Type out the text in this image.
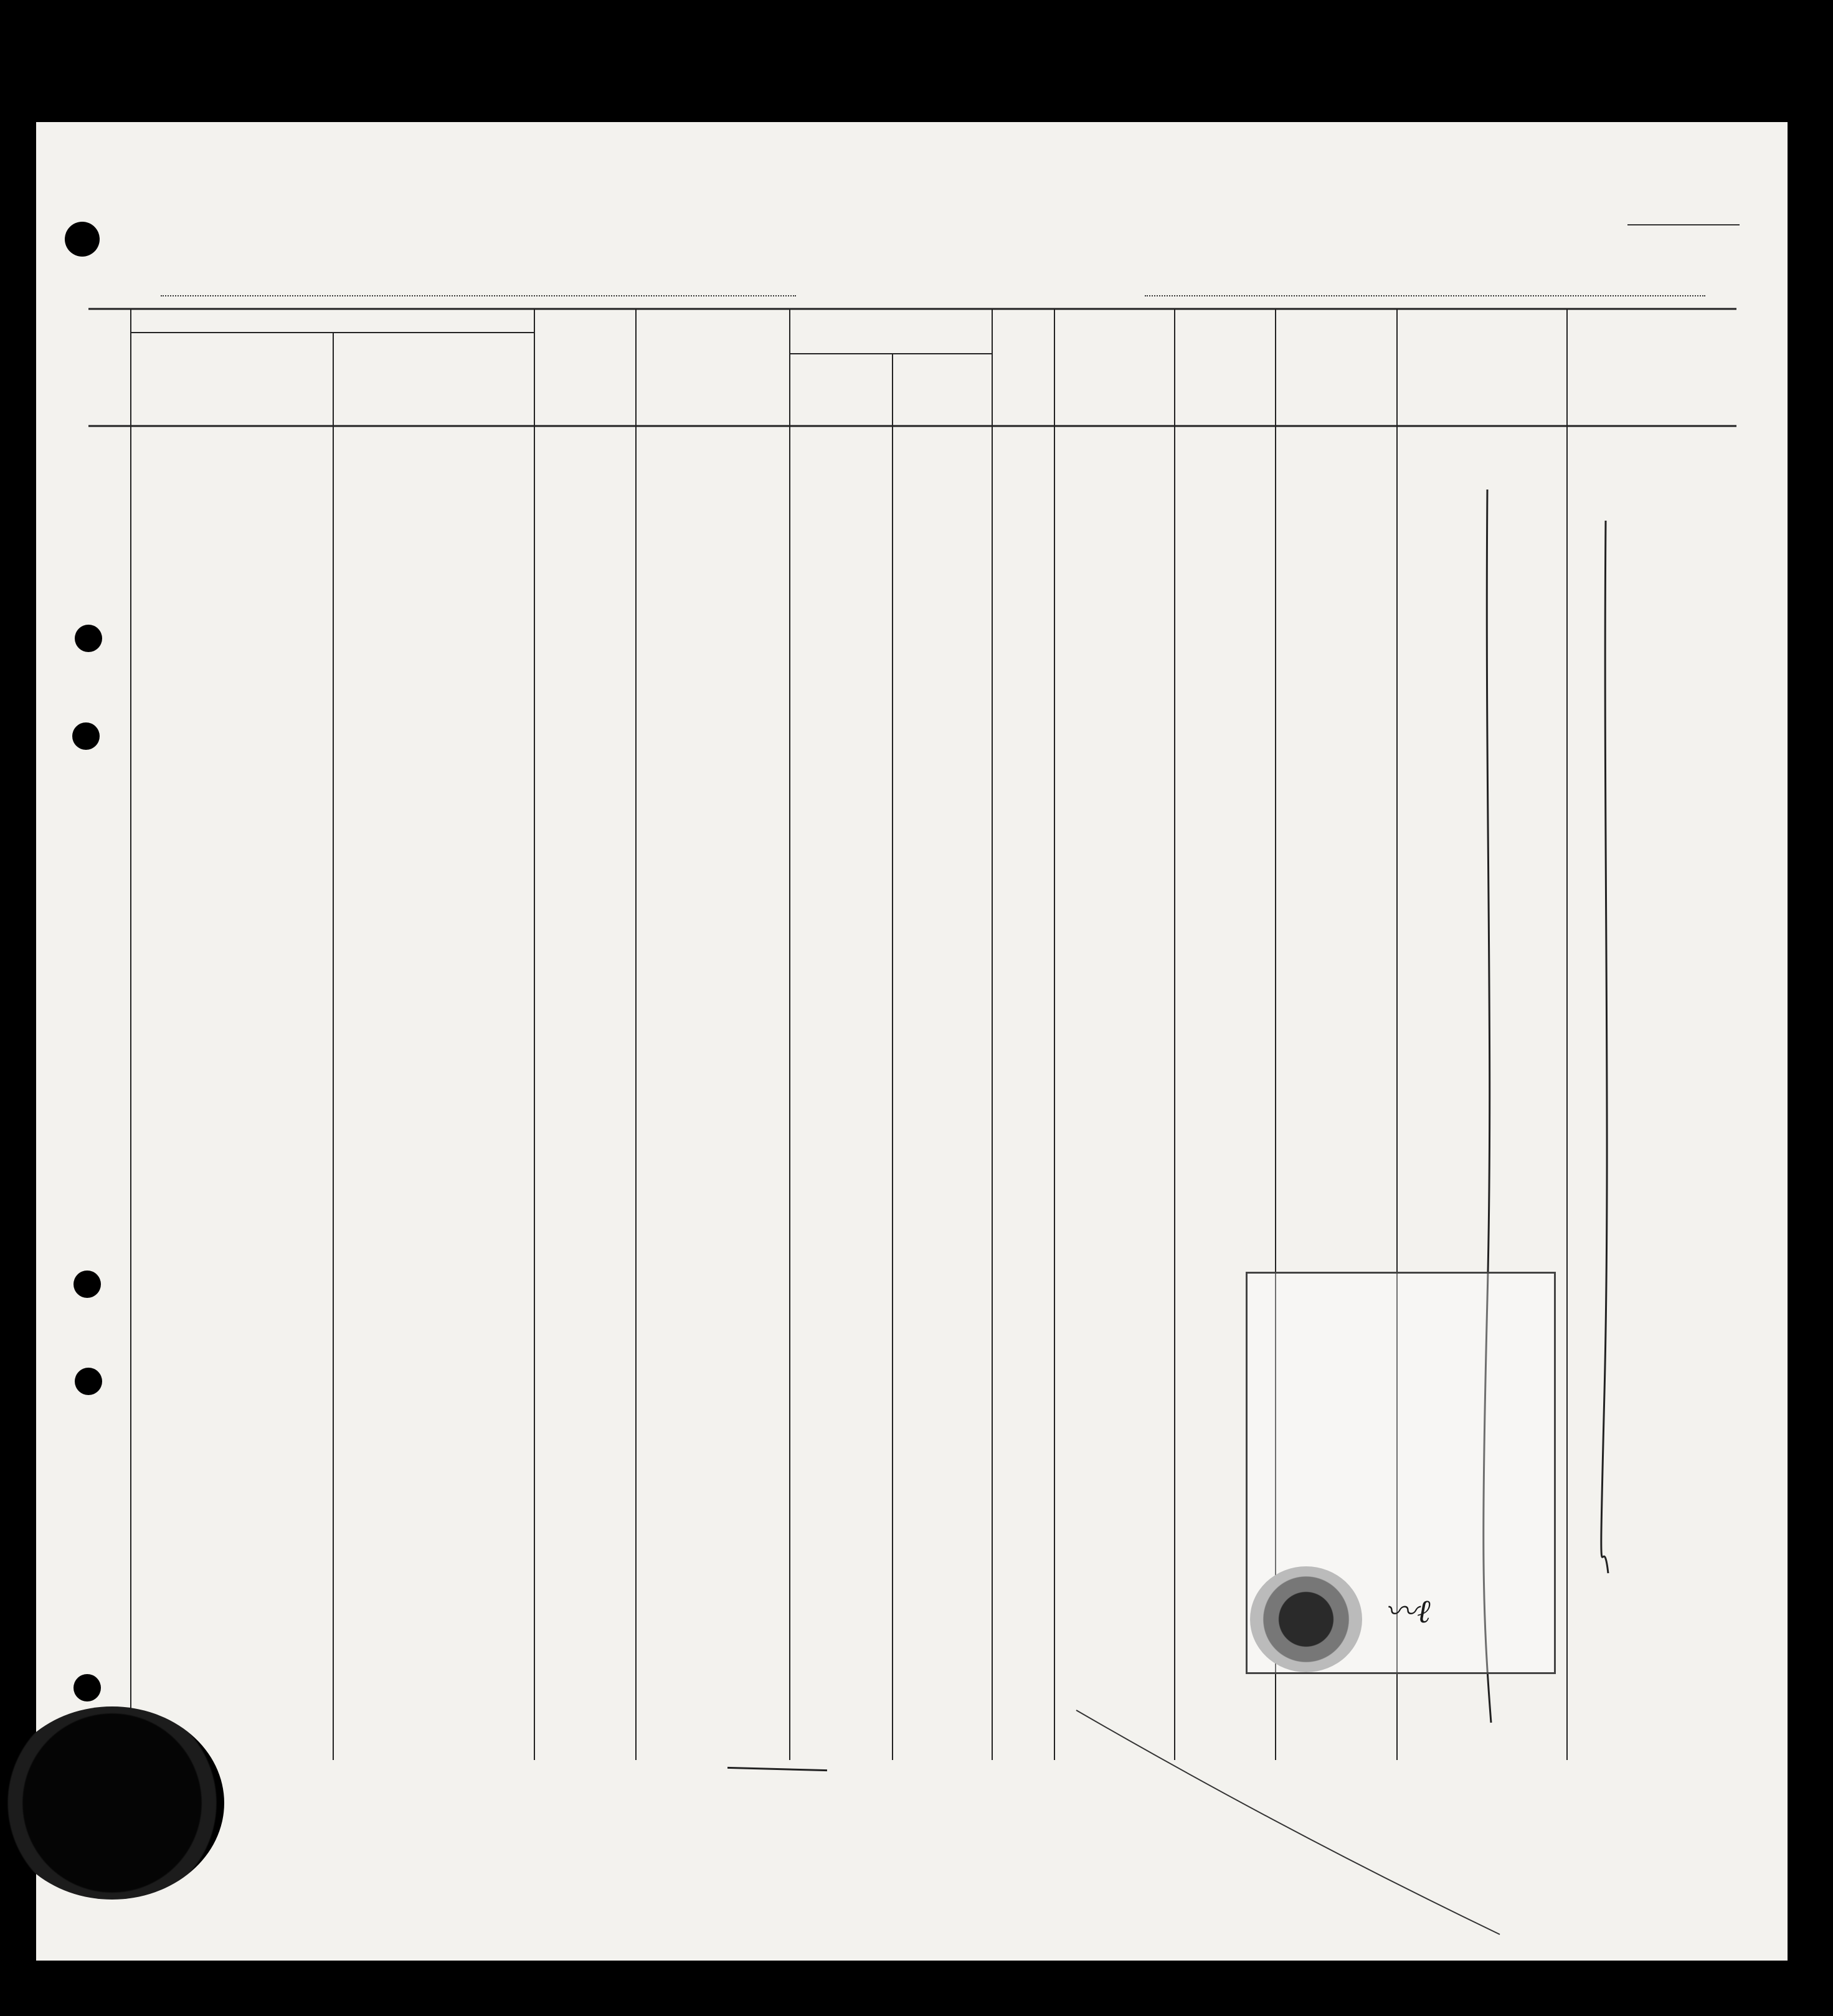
〰ℓ
